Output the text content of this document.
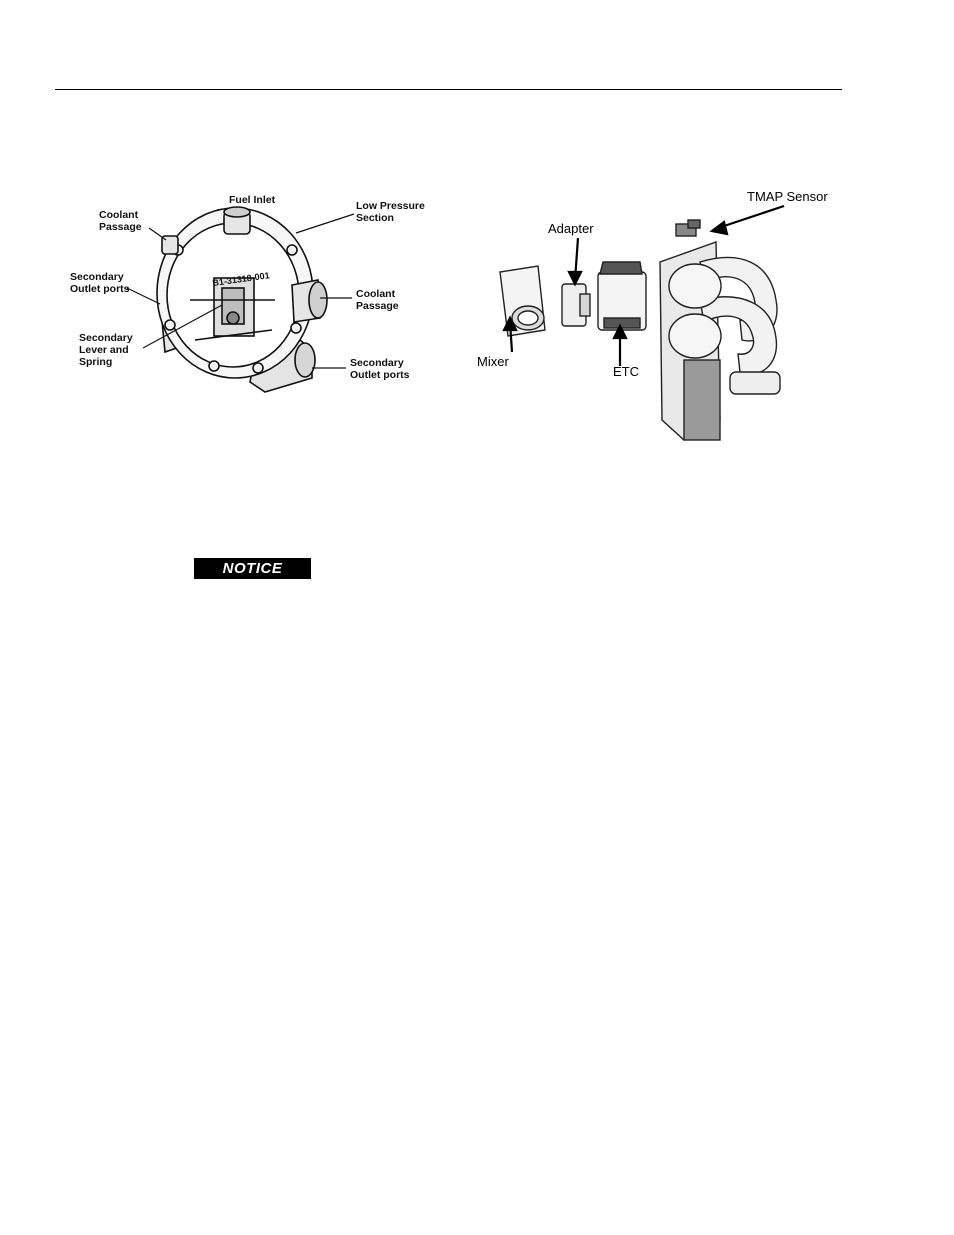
B1-31318-001
Fuel Inlet
Coolant
Passage
Low Pressure
Section
Secondary
Outlet ports	Coolant
Passage
Secondary
Lever and
Spring	Secondary
Outlet ports
TMAP Sensor
Adapter
Mixer
ETC
NOTICE
